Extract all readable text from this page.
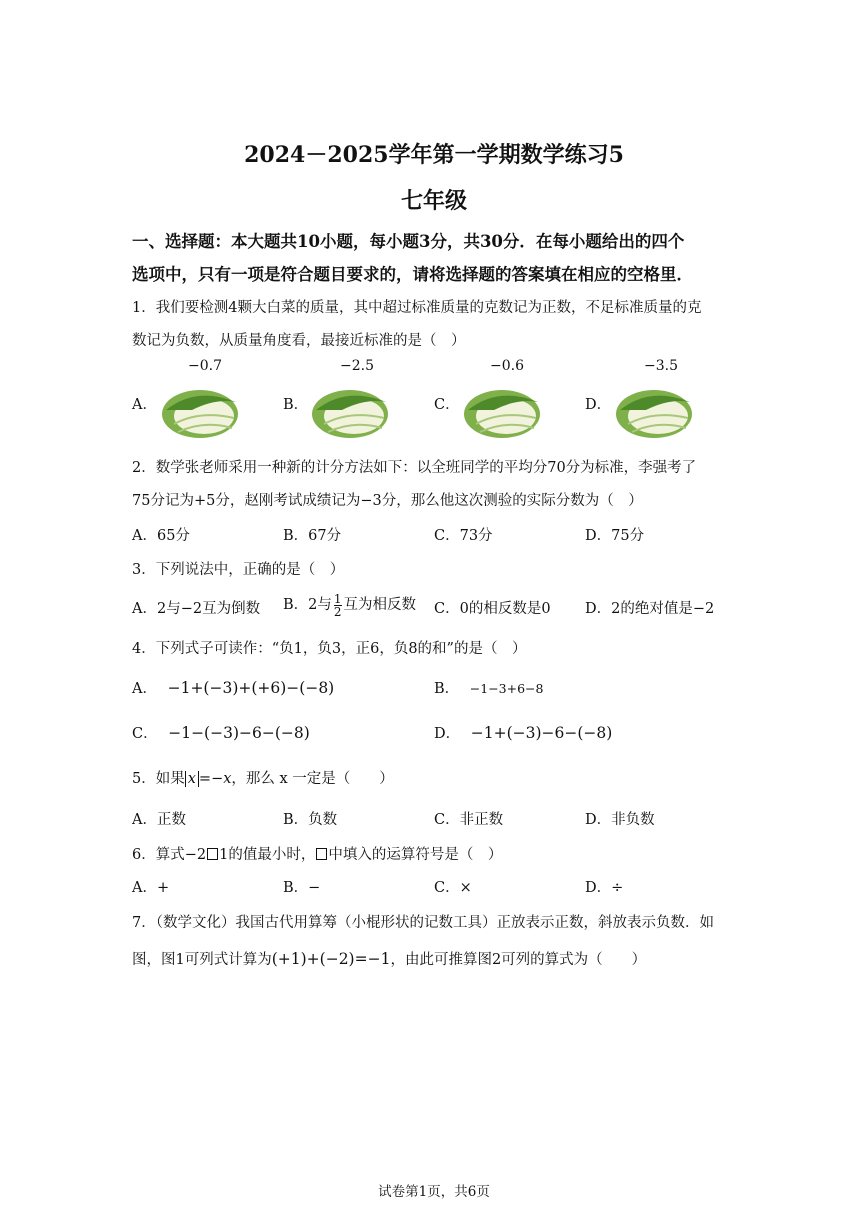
2024－2025学年第一学期数学练习5
七年级
一、选择题：本大题共10小题，每小题3分，共30分．在每小题给出的四个
选项中，只有一项是符合题目要求的，请将选择题的答案填在相应的空格里．
1．我们要检测4颗大白菜的质量，其中超过标准质量的克数记为正数，不足标准质量的克
数记为负数，从质量角度看，最接近标准的是（　）
A．
−0.7
B．
−2.5
C．
−0.6
D．
−3.5
2．数学张老师采用一种新的计分方法如下：以全班同学的平均分70分为标准，李强考了
75分记为+5分，赵刚考试成绩记为−3分，那么他这次测验的实际分数为（　）
A．65分	B．67分	C．73分	D．75分
3．下列说法中，正确的是（　）
A．2与−2互为倒数 B．2与 $\frac{1}{2}$ 互为相反数 C．0的相反数是0 D．2的绝对值是−2
4．下列式子可读作：“负1，负3，正6，负8的和”的是（　）
A． −1+(−3)+(+6)−(−8)	B． −1−3+6−8
C． −1−(−3)−6−(−8)	D． −1+(−3)−6−(−8)
5．如果 x =−x，那么 x 一定是（　　）
A．正数	B．负数	C．非正数	D．非负数
6．算式−2 1的值最小时， 中填入的运算符号是（　）
A．+	B．−	C．×	D．÷
7．（数学文化）我国古代用算筹（小棍形状的记数工具）正放表示正数，斜放表示负数．如
图，图1可列式计算为(+1)+(−2)=−1，由此可推算图2可列的算式为（　　）
试卷第1页，共6页
